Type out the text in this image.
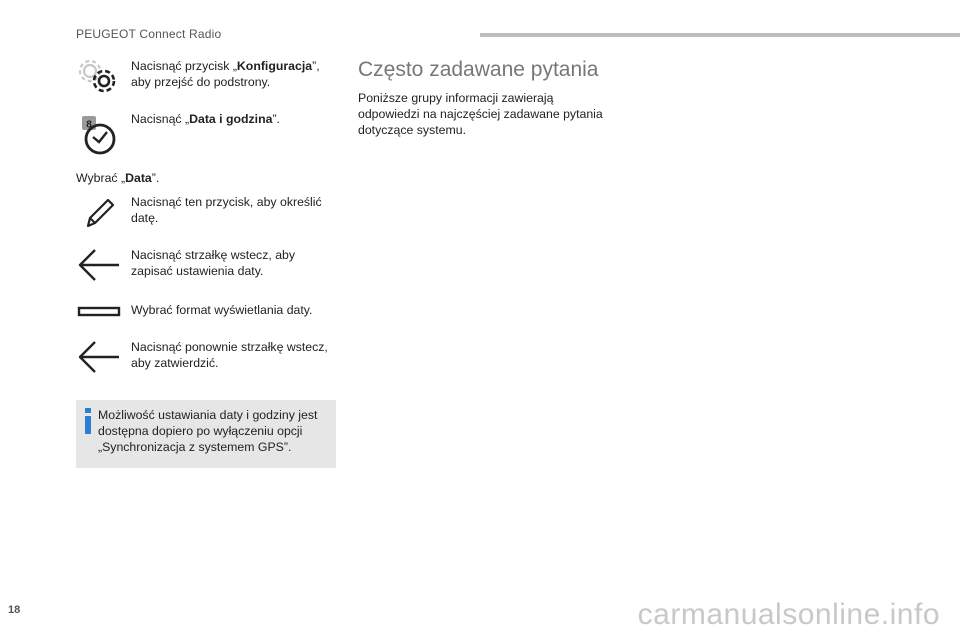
PEUGEOT Connect Radio
Nacisnąć przycisk „Konfiguracja”, aby przejść do podstrony.
8	Nacisnąć „Data i godzina”.
Wybrać „Data”.
Nacisnąć ten przycisk, aby określić datę.
Nacisnąć strzałkę wstecz, aby zapisać ustawienia daty.
Wybrać format wyświetlania daty.
Nacisnąć ponownie strzałkę wstecz, aby zatwierdzić.
Możliwość ustawiania daty i godziny jest dostępna dopiero po wyłączeniu opcji „Synchronizacja z systemem GPS”.
Często zadawane pytania
Poniższe grupy informacji zawierają odpowiedzi na najczęściej zadawane pytania dotyczące systemu.
18	carmanualsonline.info
